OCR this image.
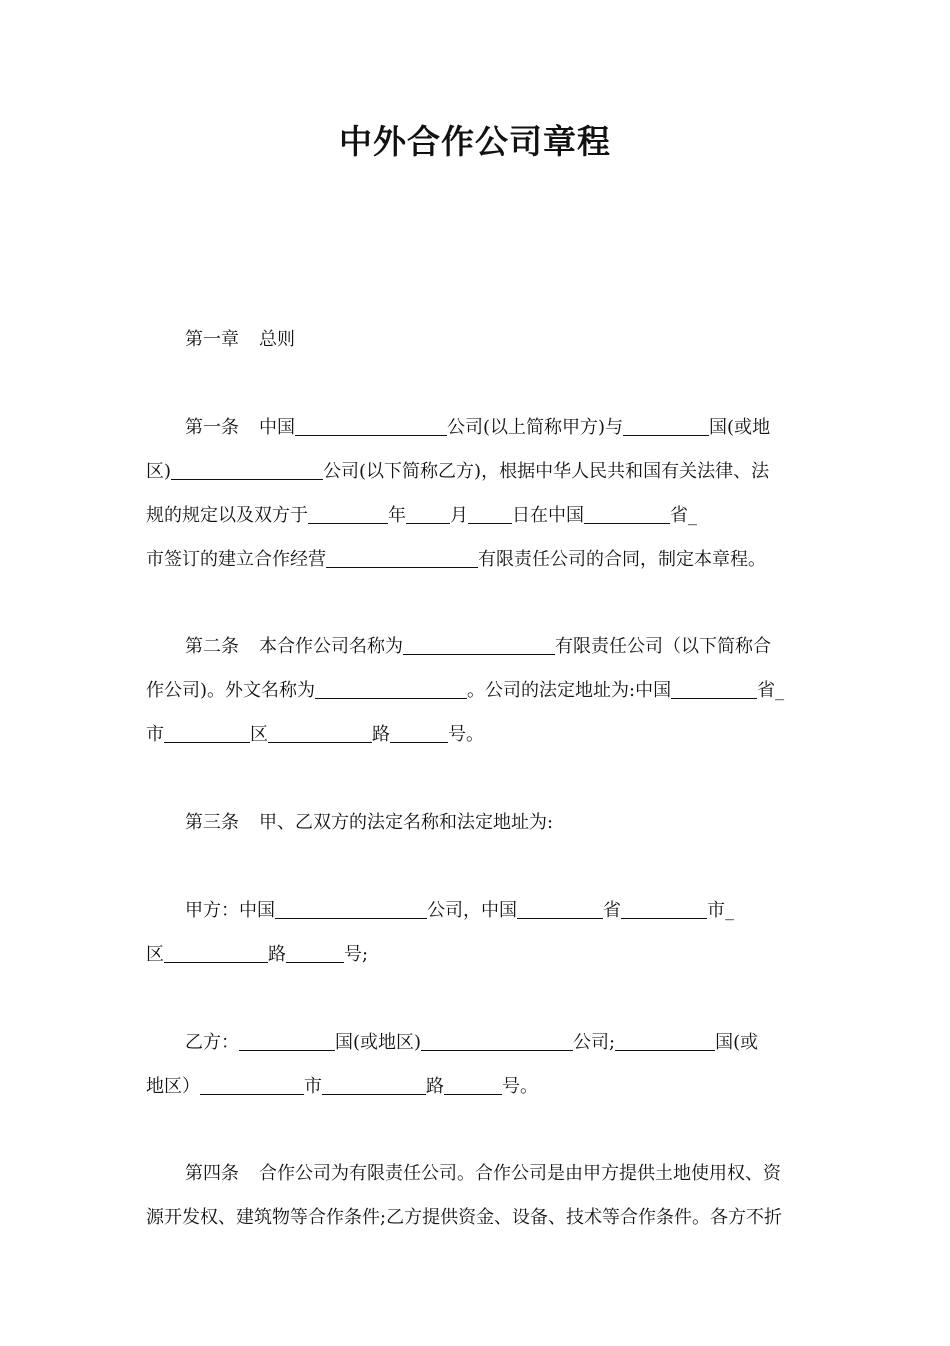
中外合作公司章程
第一章 总则
第一条 中国	公司(以上简称甲方)与	国(或地
区)	公司(以下简称乙方)，根据中华人民共和国有关法律、法
规的规定以及双方于	年 月 日在中国	省_
市签订的建立合作经营	有限责任公司的合同，制定本章程。
第二条 本合作公司名称为	有限责任公司（以下简称合
作公司)。外文名称为	。公司的法定地址为:中国	省_
市	区	路	号。
第三条 甲、乙双方的法定名称和法定地址为:
甲方：中国	公司，中国	省	市_
区	路	号;
乙方：	国(或地区)	公司;	国(或
地区）	市	路	号。
第四条 合作公司为有限责任公司。合作公司是由甲方提供土地使用权、资
源开发权、建筑物等合作条件;乙方提供资金、设备、技术等合作条件。各方不折
